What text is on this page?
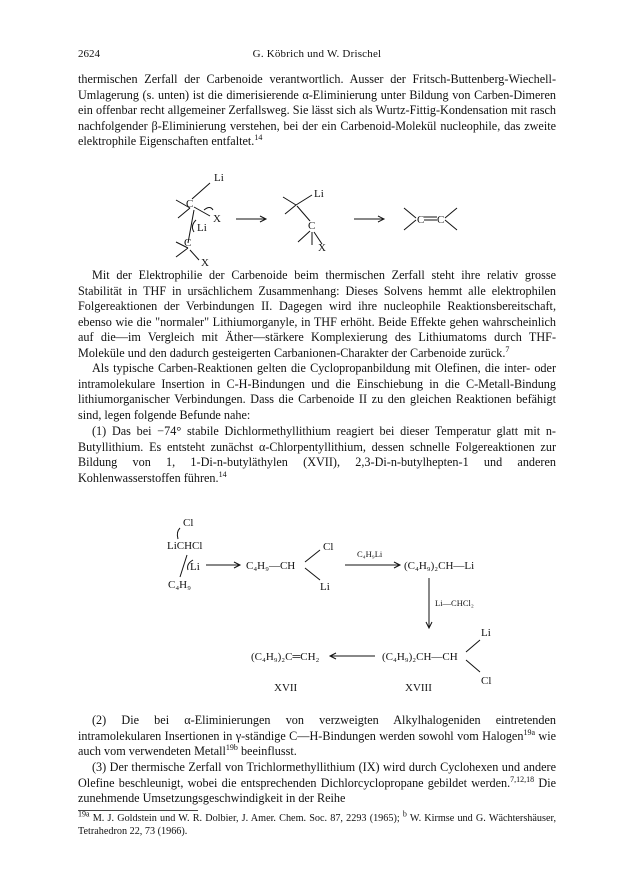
2624	G. Köbrich und W. Drischel

thermischen Zerfall der Carbenoide verantwortlich. Ausser der Fritsch-Buttenberg-Wiechell-Umlagerung (s. unten) ist die dimerisierende α-Eliminierung unter Bildung von Carben-Dimeren ein offenbar recht allgemeiner Zerfallsweg. Sie lässt sich als Wurtz-Fittig-Kondensation mit rasch nachfolgender β-Eliminierung verstehen, bei der ein Carbenoid-Molekül nucleophile, das zweite elektrophile Eigenschaften entfaltet.$^{14}$

Li
C
X
Li
C
X
Li
C
X
C C

Mit der Elektrophilie der Carbenoide beim thermischen Zerfall steht ihre relativ grosse Stabilität in THF in ursächlichem Zusammenhang: Dieses Solvens hemmt alle elektrophilen Folgereaktionen der Verbindungen II. Dagegen wird ihre nucleophile Reaktionsbereitschaft, ebenso wie die "normaler" Lithiumorganyle, in THF erhöht. Beide Effekte gehen wahrscheinlich auf die—im Vergleich mit Äther—stärkere Komplexierung des Lithiumatoms durch THF-Moleküle und den dadurch gesteigerten Carbanionen-Charakter der Carbenoide zurück.$^7$

Als typische Carben-Reaktionen gelten die Cyclopropanbildung mit Olefinen, die inter- oder intramolekulare Insertion in C-H-Bindungen und die Einschiebung in die C-Metall-Bindung lithiumorganischer Verbindungen. Dass die Carbenoide II zu den gleichen Reaktionen befähigt sind, legen folgende Befunde nahe:

(1) Das bei −74° stabile Dichlormethyllithium reagiert bei dieser Temperatur glatt mit n-Butyllithium. Es entsteht zunächst α-Chlorpentyllithium, dessen schnelle Folgereaktionen zur Bildung von 1, 1-Di-n-butyläthylen (XVII), 2,3-Di-n-butylhepten-1 und anderen Kohlenwasserstoffen führen.$^{14}$

Cl
LiCHCl
Li
C₄H₉
C₄H₉—CH
Cl
Li
C₄H₉Li
(C₄H₉)₂CH—Li
Li—CHCl₂
Li
(C₄H₉)₂CH—CH
Cl
(C₄H₉)₂C═CH₂
XVII	XVIII

(2) Die bei α-Eliminierungen von verzweigten Alkylhalogeniden eintretenden intramolekularen Insertionen in γ-ständige C—H-Bindungen werden sowohl vom Halogen$^{19a}$ wie auch vom verwendeten Metall$^{19b}$ beeinflusst.

(3) Der thermische Zerfall von Trichlormethyllithium (IX) wird durch Cyclohexen und andere Olefine beschleunigt, wobei die entsprechenden Dichlorcyclopropane gebildet werden.$^{7,12,18}$ Die zunehmende Umsetzungsgeschwindigkeit in der Reihe

$^{19a}$ M. J. Goldstein und W. R. Dolbier, J. Amer. Chem. Soc. 87, 2293 (1965); $^b$ W. Kirmse und G. Wächtershäuser, Tetrahedron 22, 73 (1966).
